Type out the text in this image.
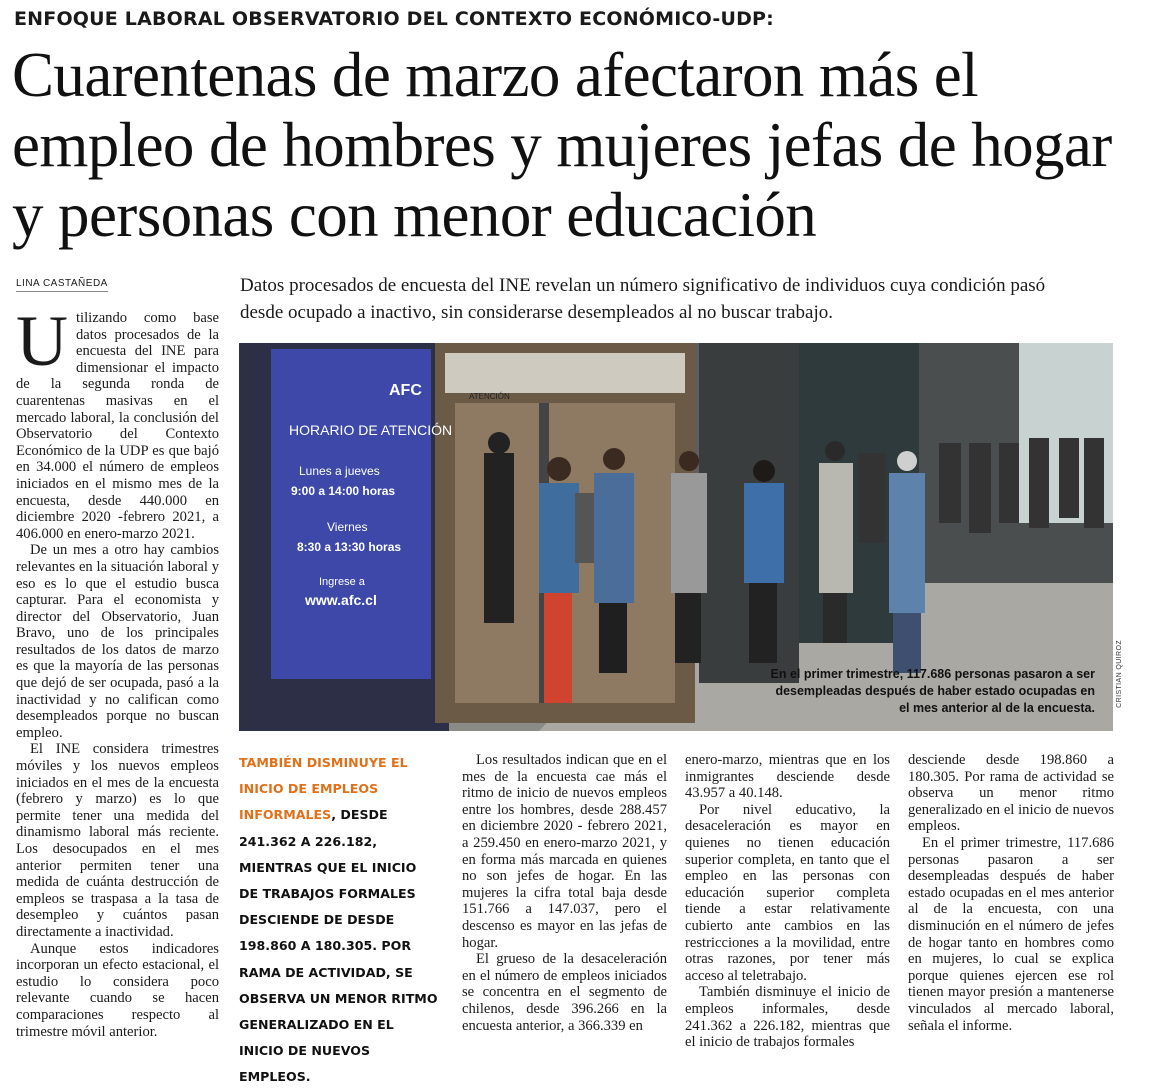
ENFOQUE LABORAL OBSERVATORIO DEL CONTEXTO ECONÓMICO-UDP:
Cuarentenas de marzo afectaron más el empleo de hombres y mujeres jefas de hogar y personas con menor educación
LINA CASTAÑEDA	Datos procesados de encuesta del INE revelan un número significativo de individuos cuya condición pasó desde ocupado a inactivo, sin considerarse desempleados al no buscar trabajo.

Utilizando como base datos procesados de la encuesta del INE para dimensionar el impacto de la segunda ronda de cuarentenas masivas en el mercado laboral, la conclusión del Observatorio del Contexto Económico de la UDP es que bajó en 34.000 el número de empleos iniciados en el mismo mes de la encuesta, desde 440.000 en diciembre 2020 -febrero 2021, a 406.000 en enero-marzo 2021.

De un mes a otro hay cambios relevantes en la situación laboral y eso es lo que el estudio busca capturar. Para el economista y director del Observatorio, Juan Bravo, uno de los principales resultados de los datos de marzo es que la mayoría de las personas que dejó de ser ocupada, pasó a la inactividad y no califican como desempleados porque no buscan empleo.

El INE considera trimestres móviles y los nuevos empleos iniciados en el mes de la encuesta (febrero y marzo) es lo que permite tener una medida del dinamismo laboral más reciente. Los desocupados en el mes anterior permiten tener una medida de cuánta destrucción de empleos se traspasa a la tasa de desempleo y cuántos pasan directamente a inactividad.

Aunque estos indicadores incorporan un efecto estacional, el estudio lo considera poco relevante cuando se hacen comparaciones respecto al trimestre móvil anterior.

AFC
HORARIO DE ATENCIÓN
Lunes a jueves
9:00 a 14:00 horas
Viernes
8:30 a 13:30 horas
Ingrese a
www.afc.cl
ATENCIÓN
En el primer trimestre, 117.686 personas pasaron a ser desempleadas después de haber estado ocupadas en el mes anterior al de la encuesta.
CRISTIAN QUIROZ
TAMBIÉN DISMINUYE EL INICIO DE EMPLEOS INFORMALES, DESDE 241.362 A 226.182, MIENTRAS QUE EL INICIO DE TRABAJOS FORMALES DESCIENDE DE DESDE 198.860 A 180.305. POR RAMA DE ACTIVIDAD, SE OBSERVA UN MENOR RITMO GENERALIZADO EN EL INICIO DE NUEVOS EMPLEOS.

Los resultados indican que en el mes de la encuesta cae más el ritmo de inicio de nuevos empleos entre los hombres, desde 288.457 en diciembre 2020 - febrero 2021, a 259.450 en enero-marzo 2021, y en forma más marcada en quienes no son jefes de hogar. En las mujeres la cifra total baja desde 151.766 a 147.037, pero el descenso es mayor en las jefas de hogar.

El grueso de la desaceleración en el número de empleos iniciados se concentra en el segmento de chilenos, desde 396.266 en la encuesta anterior, a 366.339 en

enero-marzo, mientras que en los inmigrantes desciende desde 43.957 a 40.148.

Por nivel educativo, la desaceleración es mayor en quienes no tienen educación superior completa, en tanto que el empleo en las personas con educación superior completa tiende a estar relativamente cubierto ante cambios en las restricciones a la movilidad, entre otras razones, por tener más acceso al teletrabajo.

También disminuye el inicio de empleos informales, desde 241.362 a 226.182, mientras que el inicio de trabajos formales

desciende desde 198.860 a 180.305. Por rama de actividad se observa un menor ritmo generalizado en el inicio de nuevos empleos.

En el primer trimestre, 117.686 personas pasaron a ser desempleadas después de haber estado ocupadas en el mes anterior al de la encuesta, con una disminución en el número de jefes de hogar tanto en hombres como en mujeres, lo cual se explica porque quienes ejercen ese rol tienen mayor presión a mantenerse vinculados al mercado laboral, señala el informe.
